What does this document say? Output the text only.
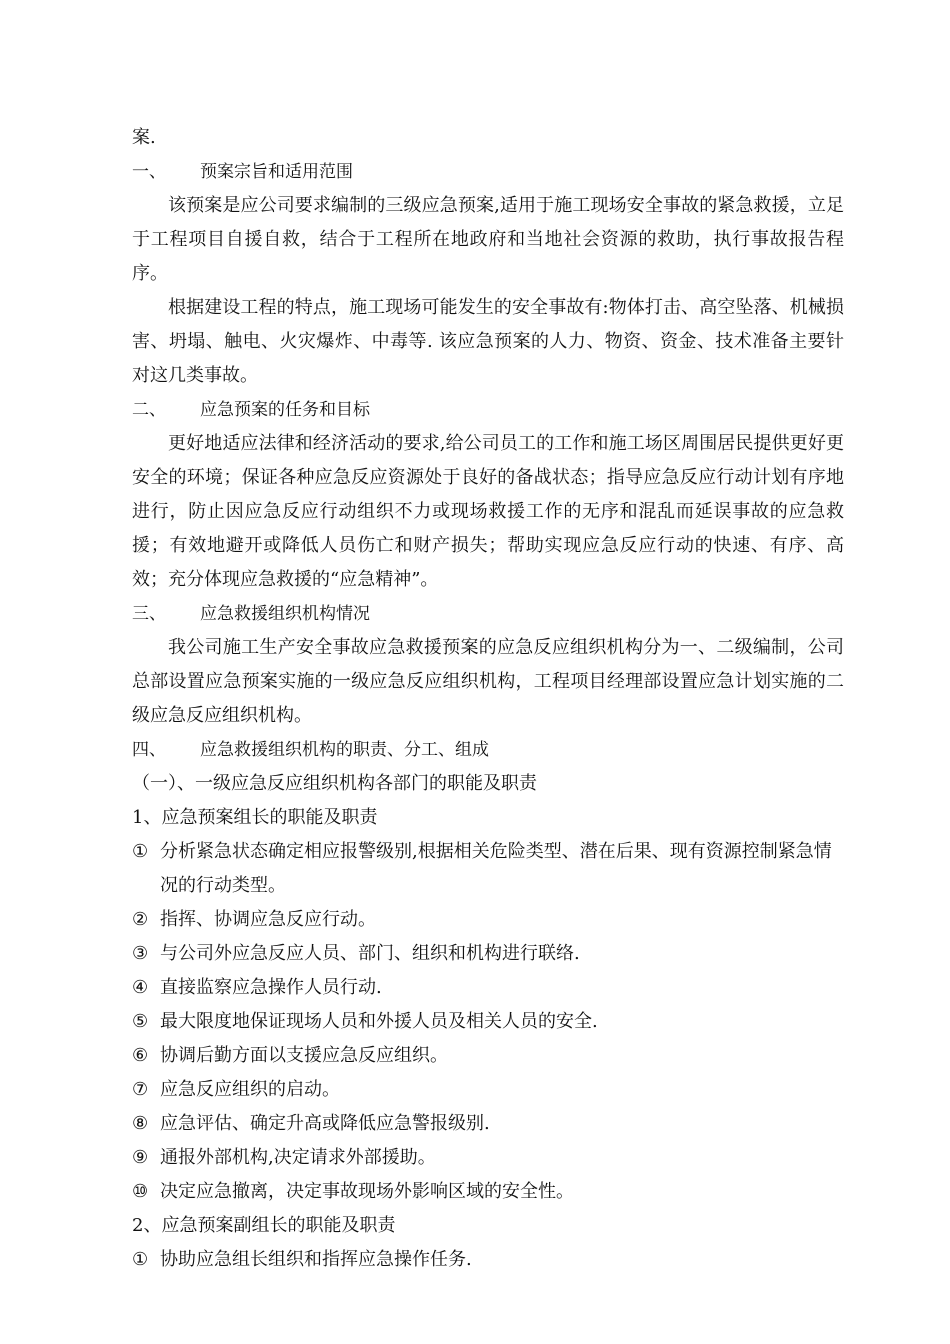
案.
一、	预案宗旨和适用范围
该预案是应公司要求编制的三级应急预案,适用于施工现场安全事故的紧急救援，立足于工程项目自援自救，结合于工程所在地政府和当地社会资源的救助，执行事故报告程序。
根据建设工程的特点，施工现场可能发生的安全事故有:物体打击、高空坠落、机械损害、坍塌、触电、火灾爆炸、中毒等. 该应急预案的人力、物资、资金、技术准备主要针对这几类事故。
二、	应急预案的任务和目标
更好地适应法律和经济活动的要求,给公司员工的工作和施工场区周围居民提供更好更安全的环境；保证各种应急反应资源处于良好的备战状态；指导应急反应行动计划有序地进行，防止因应急反应行动组织不力或现场救援工作的无序和混乱而延误事故的应急救援；有效地避开或降低人员伤亡和财产损失；帮助实现应急反应行动的快速、有序、高效；充分体现应急救援的“应急精神”。
三、	应急救援组织机构情况
我公司施工生产安全事故应急救援预案的应急反应组织机构分为一、二级编制，公司总部设置应急预案实施的一级应急反应组织机构，工程项目经理部设置应急计划实施的二级应急反应组织机构。
四、	应急救援组织机构的职责、分工、组成
（一）、一级应急反应组织机构各部门的职能及职责
1、应急预案组长的职能及职责
① 分析紧急状态确定相应报警级别,根据相关危险类型、潜在后果、现有资源控制紧急情况的行动类型。
② 指挥、协调应急反应行动。
③ 与公司外应急反应人员、部门、组织和机构进行联络.
④ 直接监察应急操作人员行动.
⑤ 最大限度地保证现场人员和外援人员及相关人员的安全.
⑥ 协调后勤方面以支援应急反应组织。
⑦ 应急反应组织的启动。
⑧ 应急评估、确定升高或降低应急警报级别.
⑨ 通报外部机构,决定请求外部援助。
⑩ 决定应急撤离，决定事故现场外影响区域的安全性。
2、应急预案副组长的职能及职责
① 协助应急组长组织和指挥应急操作任务.
